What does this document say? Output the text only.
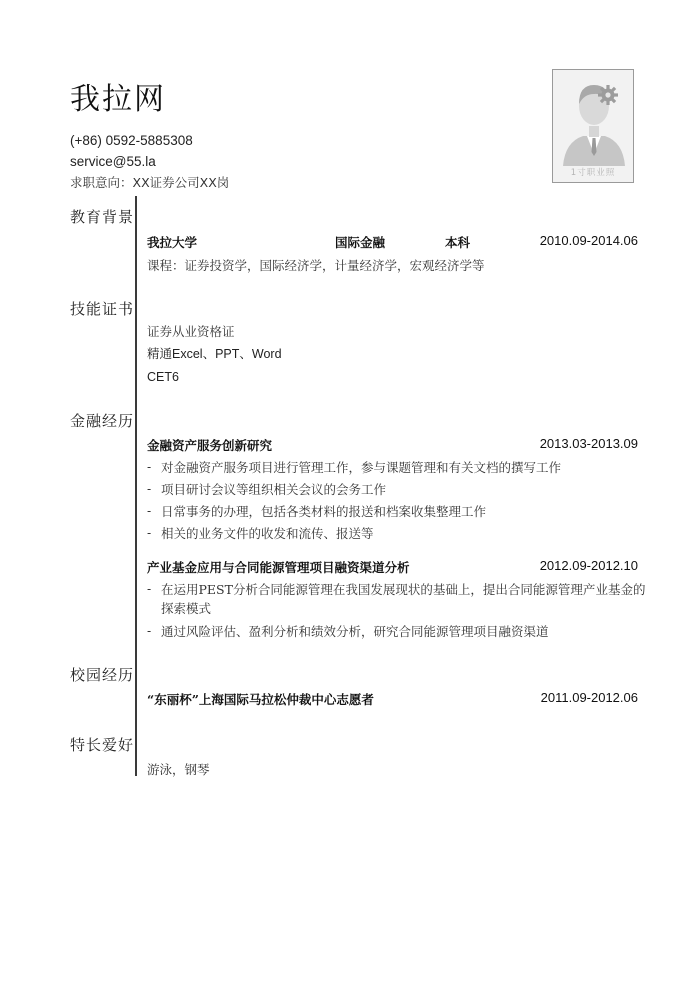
我拉网
(+86) 0592-5885308
service@55.la
求职意向：XX证券公司XX岗
1寸职业照
教育背景
我拉大学	国际金融	本科	2010.09-2014.06
课程：证券投资学，国际经济学，计量经济学，宏观经济学等
技能证书
证券从业资格证
精通Excel、PPT、Word
CET6
金融经历
金融资产服务创新研究	2013.03-2013.09
- 对金融资产服务项目进行管理工作，参与课题管理和有关文档的撰写工作
- 项目研讨会议等组织相关会议的会务工作
- 日常事务的办理，包括各类材料的报送和档案收集整理工作
- 相关的业务文件的收发和流传、报送等
产业基金应用与合同能源管理项目融资渠道分析	2012.09-2012.10
- 在运用PEST分析合同能源管理在我国发展现状的基础上，提出合同能源管理产业基金的探索模式
- 通过风险评估、盈利分析和绩效分析，研究合同能源管理项目融资渠道
校园经历
“东丽杯”上海国际马拉松仲裁中心志愿者	2011.09-2012.06
特长爱好
游泳，钢琴
